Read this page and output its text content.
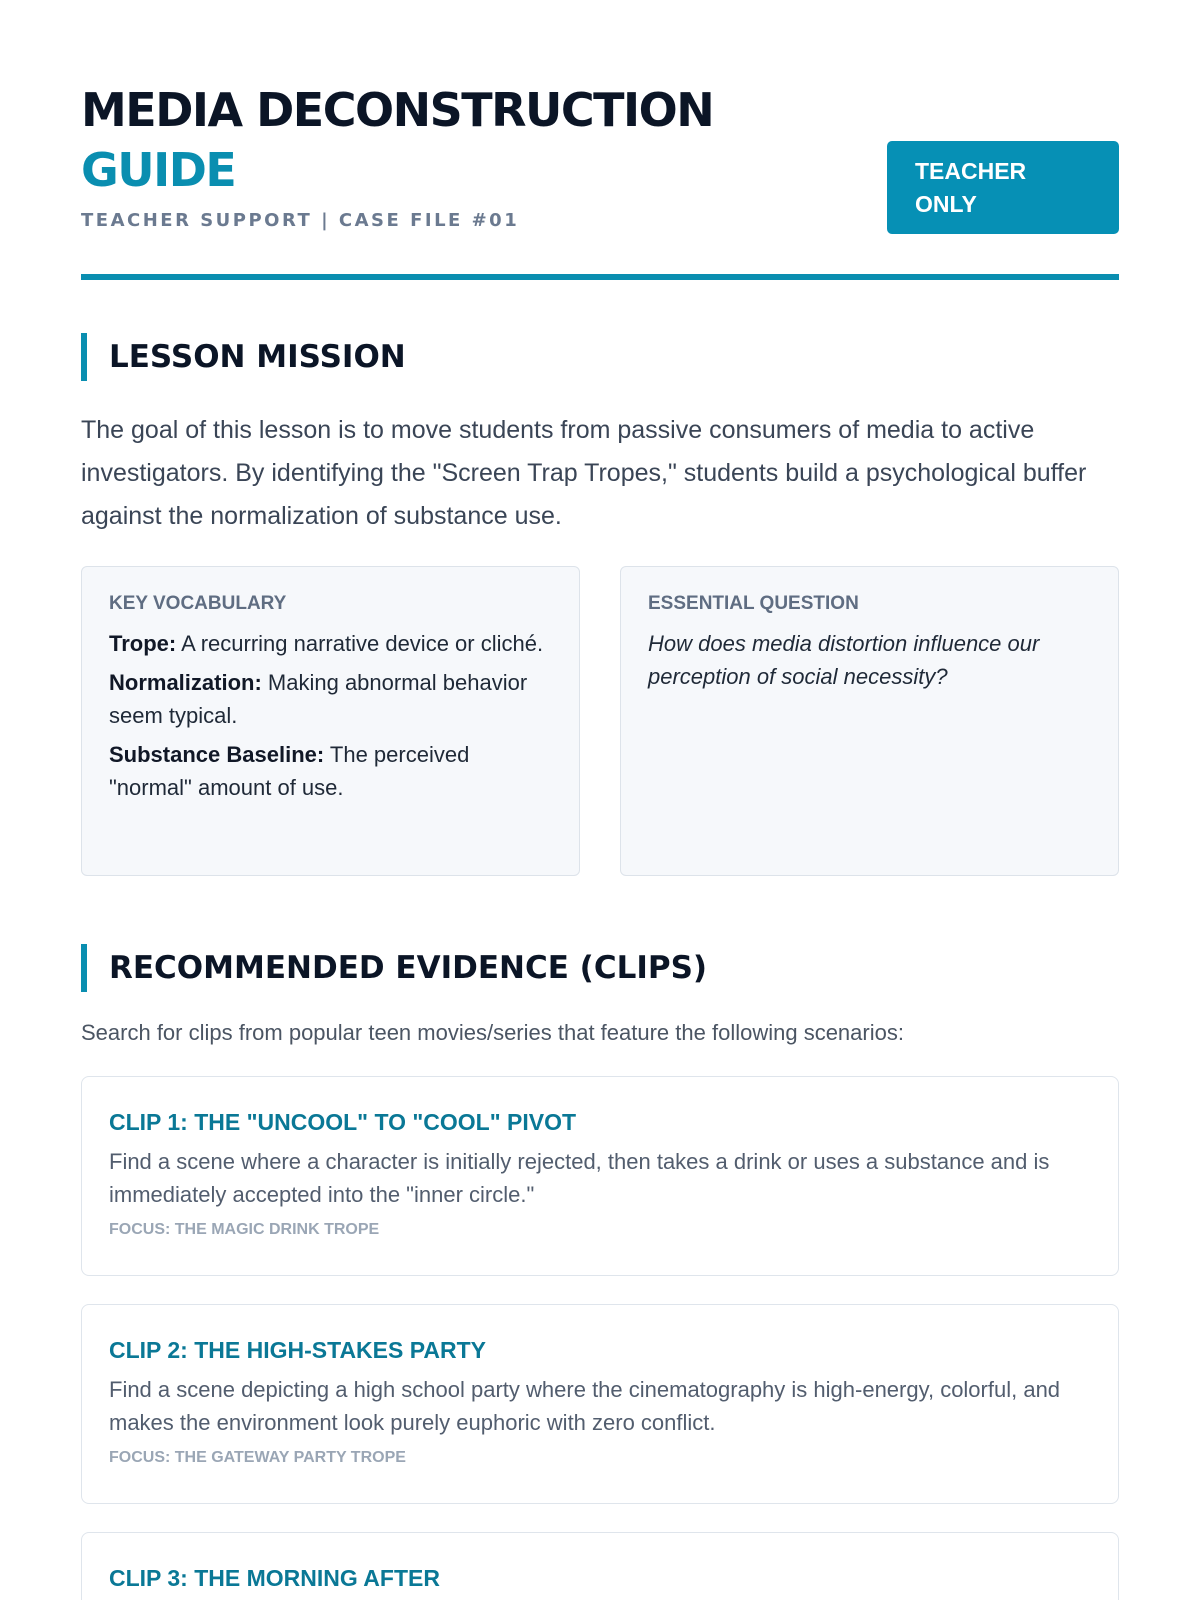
MEDIA DECONSTRUCTION
GUIDE
TEACHER SUPPORT | CASE FILE #01
TEACHER ONLY
LESSON MISSION

The goal of this lesson is to move students from passive consumers of media to active investigators. By identifying the "Screen Trap Tropes," students build a psychological buffer against the normalization of substance use.

KEY VOCABULARY
Trope: A recurring narrative device or cliché.
Normalization: Making abnormal behavior seem typical.
Substance Baseline: The perceived "normal" amount of use.
ESSENTIAL QUESTION
How does media distortion influence our perception of social necessity?
RECOMMENDED EVIDENCE (CLIPS)
Search for clips from popular teen movies/series that feature the following scenarios:
CLIP 1: THE "UNCOOL" TO "COOL" PIVOT
Find a scene where a character is initially rejected, then takes a drink or uses a substance and is immediately accepted into the "inner circle."
FOCUS: THE MAGIC DRINK TROPE
CLIP 2: THE HIGH-STAKES PARTY
Find a scene depicting a high school party where the cinematography is high-energy, colorful, and makes the environment look purely euphoric with zero conflict.
FOCUS: THE GATEWAY PARTY TROPE
CLIP 3: THE MORNING AFTER
